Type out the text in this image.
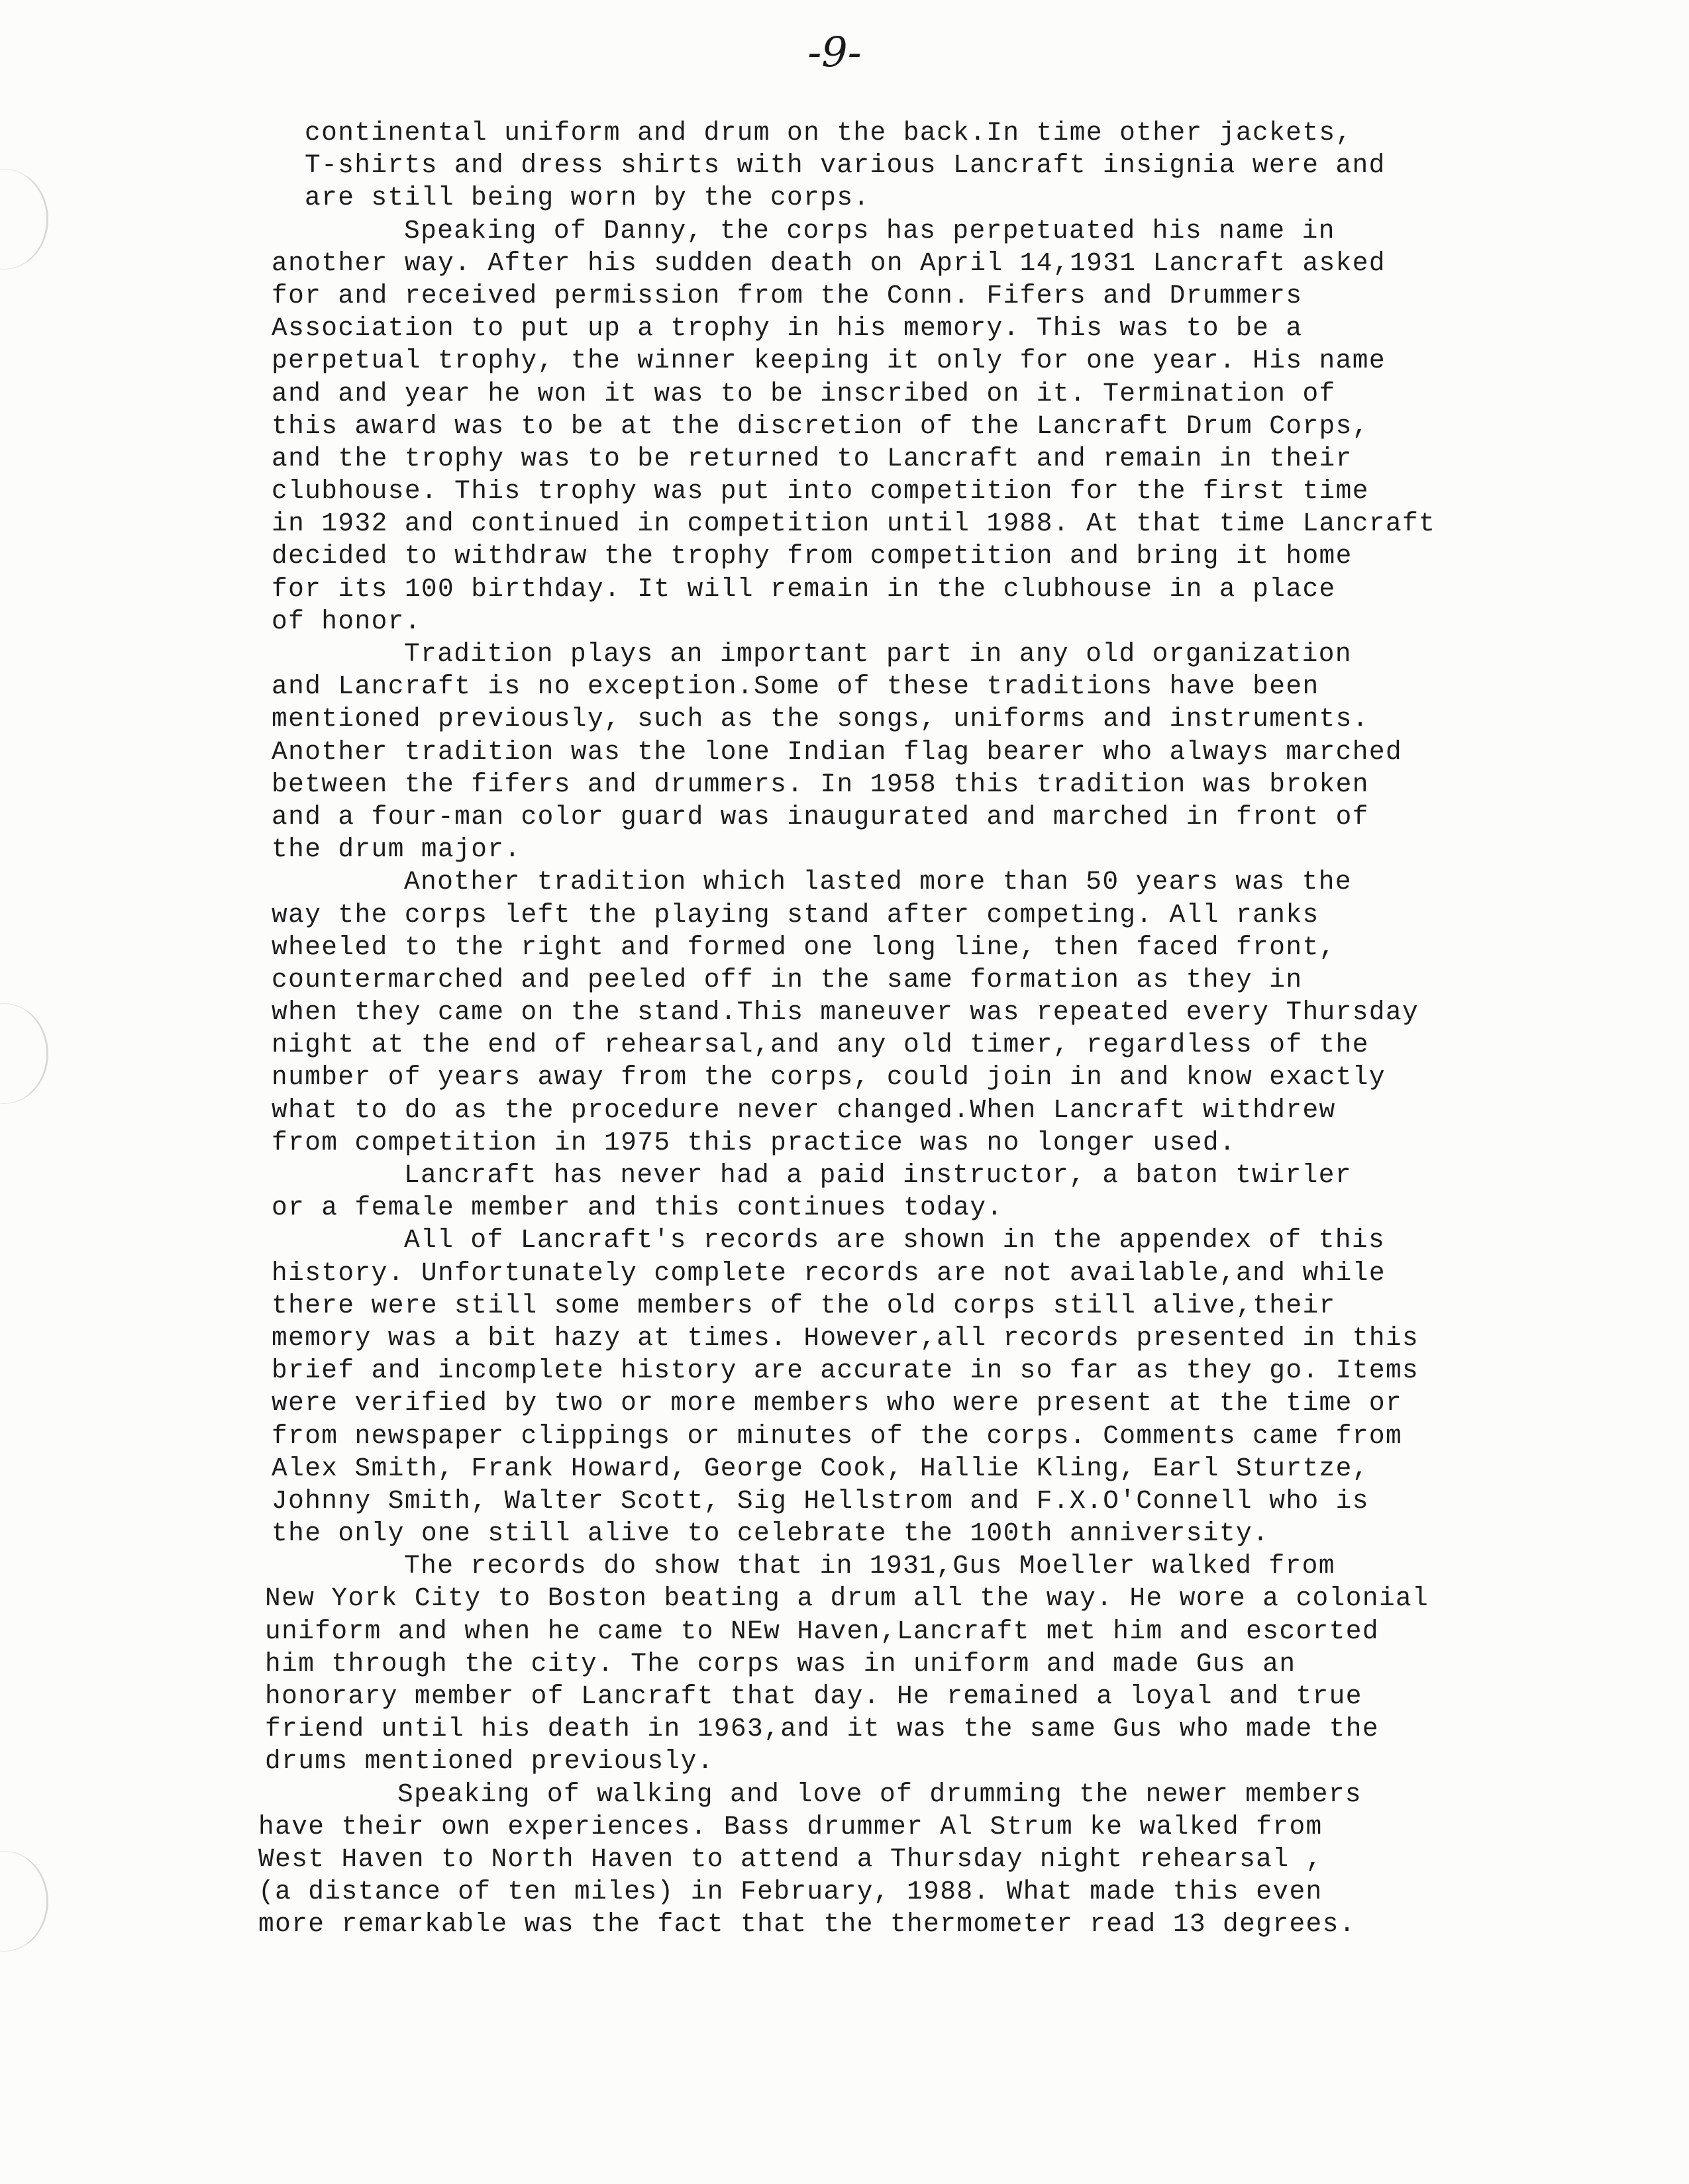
-9-
continental uniform and drum on the back.In time other jackets,
T-shirts and dress shirts with various Lancraft insignia were and
are still being worn by the corps.
Speaking of Danny, the corps has perpetuated his name in
another way. After his sudden death on April 14,1931 Lancraft asked
for and received permission from the Conn. Fifers and Drummers
Association to put up a trophy in his memory. This was to be a
perpetual trophy, the winner keeping it only for one year. His name
and and year he won it was to be inscribed on it. Termination of
this award was to be at the discretion of the Lancraft Drum Corps,
and the trophy was to be returned to Lancraft and remain in their
clubhouse. This trophy was put into competition for the first time
in 1932 and continued in competition until 1988. At that time Lancraft
decided to withdraw the trophy from competition and bring it home
for its 100 birthday. It will remain in the clubhouse in a place
of honor.
Tradition plays an important part in any old organization
and Lancraft is no exception.Some of these traditions have been
mentioned previously, such as the songs, uniforms and instruments.
Another tradition was the lone Indian flag bearer who always marched
between the fifers and drummers. In 1958 this tradition was broken
and a four-man color guard was inaugurated and marched in front of
the drum major.
Another tradition which lasted more than 50 years was the
way the corps left the playing stand after competing. All ranks
wheeled to the right and formed one long line, then faced front,
countermarched and peeled off in the same formation as they in
when they came on the stand.This maneuver was repeated every Thursday
night at the end of rehearsal,and any old timer, regardless of the
number of years away from the corps, could join in and know exactly
what to do as the procedure never changed.When Lancraft withdrew
from competition in 1975 this practice was no longer used.
Lancraft has never had a paid instructor, a baton twirler
or a female member and this continues today.
All of Lancraft's records are shown in the appendex of this
history. Unfortunately complete records are not available,and while
there were still some members of the old corps still alive,their
memory was a bit hazy at times. However,all records presented in this
brief and incomplete history are accurate in so far as they go. Items
were verified by two or more members who were present at the time or
from newspaper clippings or minutes of the corps. Comments came from
Alex Smith, Frank Howard, George Cook, Hallie Kling, Earl Sturtze,
Johnny Smith, Walter Scott, Sig Hellstrom and F.X.O'Connell who is
the only one still alive to celebrate the 100th anniversity.
The records do show that in 1931,Gus Moeller walked from
New York City to Boston beating a drum all the way. He wore a colonial
uniform and when he came to NEw Haven,Lancraft met him and escorted
him through the city. The corps was in uniform and made Gus an
honorary member of Lancraft that day. He remained a loyal and true
friend until his death in 1963,and it was the same Gus who made the
drums mentioned previously.
Speaking of walking and love of drumming the newer members
have their own experiences. Bass drummer Al Strum ke walked from
West Haven to North Haven to attend a Thursday night rehearsal ,
(a distance of ten miles) in February, 1988. What made this even
more remarkable was the fact that the thermometer read 13 degrees.
